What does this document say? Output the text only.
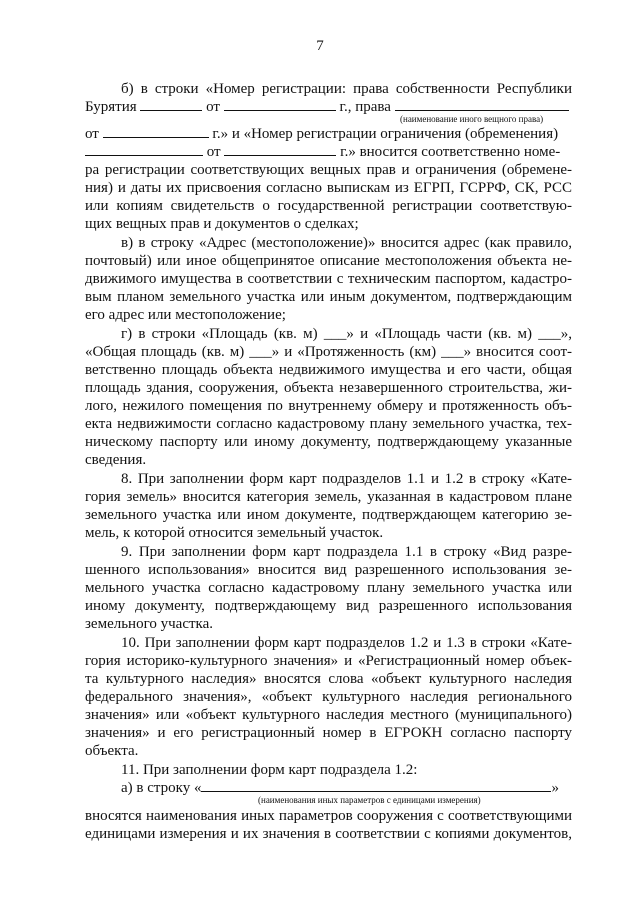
7
б) в строки «Номер регистрации: права собственности Республики
Бурятия	от	г., права
(наименование иного вещного права)
от	г.» и «Номер регистрации ограничения (обременения)
от	г.» вносится соответственно номе-
ра регистрации соответствующих вещных прав и ограничения (обремене-
ния) и даты их присвоения согласно выпискам из ЕГРП, ГСРРФ, СК, РСС
или копиям свидетельств о государственной регистрации соответствую-
щих вещных прав и документов о сделках;
в) в строку «Адрес (местоположение)» вносится адрес (как правило,
почтовый) или иное общепринятое описание местоположения объекта не-
движимого имущества в соответствии с техническим паспортом, кадастро-
вым планом земельного участка или иным документом, подтверждающим
его адрес или местоположение;
г) в строки «Площадь (кв. м) ___» и «Площадь части (кв. м) ___»,
«Общая площадь (кв. м) ___» и «Протяженность (км) ___» вносится соот-
ветственно площадь объекта недвижимого имущества и его части, общая
площадь здания, сооружения, объекта незавершенного строительства, жи-
лого, нежилого помещения по внутреннему обмеру и протяженность объ-
екта недвижимости согласно кадастровому плану земельного участка, тех-
ническому паспорту или иному документу, подтверждающему указанные
сведения.
8. При заполнении форм карт подразделов 1.1 и 1.2 в строку «Кате-
гория земель» вносится категория земель, указанная в кадастровом плане
земельного участка или ином документе, подтверждающем категорию зе-
мель, к которой относится земельный участок.
9. При заполнении форм карт подраздела 1.1 в строку «Вид разре-
шенного использования» вносится вид разрешенного использования зе-
мельного участка согласно кадастровому плану земельного участка или
иному документу, подтверждающему вид разрешенного использования
земельного участка.
10. При заполнении форм карт подразделов 1.2 и 1.3 в строки «Кате-
гория историко-культурного значения» и «Регистрационный номер объек-
та культурного наследия» вносятся слова «объект культурного наследия
федерального значения», «объект культурного наследия регионального
значения» или «объект культурного наследия местного (муниципального)
значения» и его регистрационный номер в ЕГРОКН согласно паспорту
объекта.
11. При заполнении форм карт подраздела 1.2:
а) в строку «	»
(наименования иных параметров с единицами измерения)
вносятся наименования иных параметров сооружения с соответствующими
единицами измерения и их значения в соответствии с копиями документов,
